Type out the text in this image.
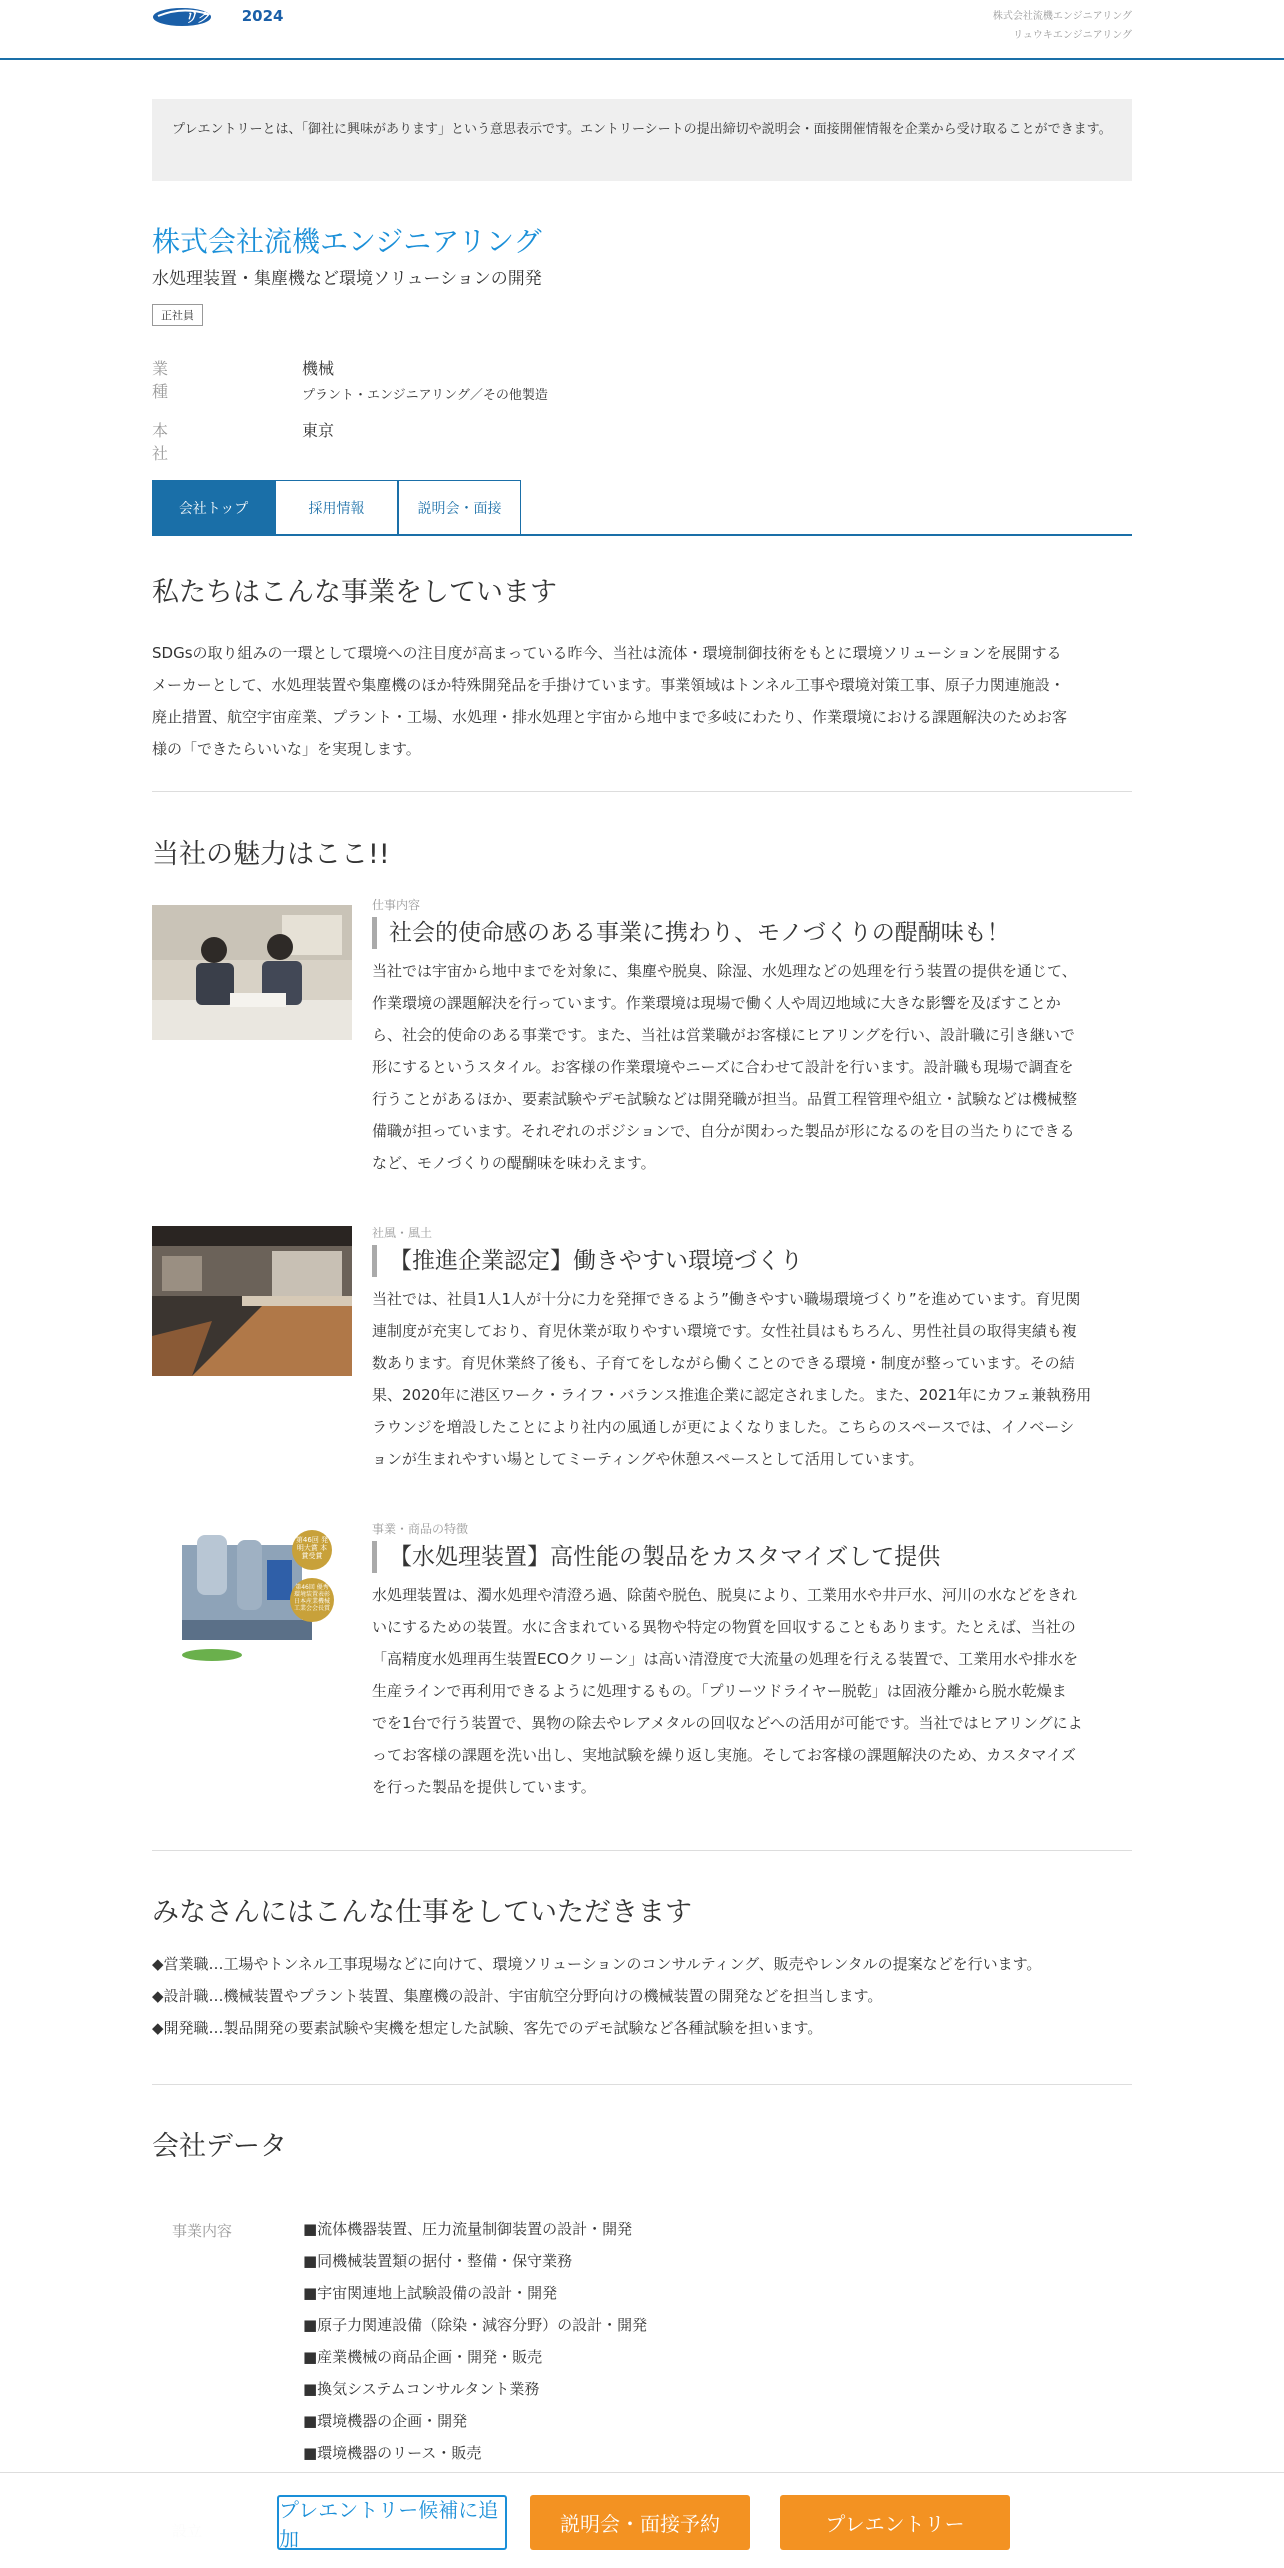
リクナビ 2024	株式会社流機エンジニアリング
リュウキエンジニアリング
プレエントリーとは、「御社に興味があります」という意思表示です。エントリーシートの提出締切や説明会・面接開催情報を企業から受け取ることができます。
株式会社流機エンジニアリング
水処理装置・集塵機など環境ソリューションの開発
正社員
業種
機械
プラント・エンジニアリング／その他製造
本社
東京
会社トップ	採用情報	説明会・面接
私たちはこんな事業をしています
SDGsの取り組みの一環として環境への注目度が高まっている昨今、当社は流体・環境制御技術をもとに環境ソリューションを展開する
メーカーとして、水処理装置や集塵機のほか特殊開発品を手掛けています。事業領域はトンネル工事や環境対策工事、原子力関連施設・
廃止措置、航空宇宙産業、プラント・工場、水処理・排水処理と宇宙から地中まで多岐にわたり、作業環境における課題解決のためお客
様の「できたらいいな」を実現します。
当社の魅力はここ!!
仕事内容
社会的使命感のある事業に携わり、モノづくりの醍醐味も！
当社では宇宙から地中までを対象に、集塵や脱臭、除湿、水処理などの処理を行う装置の提供を通じて、
作業環境の課題解決を行っています。作業環境は現場で働く人や周辺地域に大きな影響を及ぼすことか
ら、社会的使命のある事業です。また、当社は営業職がお客様にヒアリングを行い、設計職に引き継いで
形にするというスタイル。お客様の作業環境やニーズに合わせて設計を行います。設計職も現場で調査を
行うことがあるほか、要素試験やデモ試験などは開発職が担当。品質工程管理や組立・試験などは機械整
備職が担っています。それぞれのポジションで、自分が関わった製品が形になるのを目の当たりにできる
など、モノづくりの醍醐味を味わえます。
社風・風土
【推進企業認定】働きやすい環境づくり
当社では、社員1人1人が十分に力を発揮できるよう”働きやすい職場環境づくり”を進めています。育児関
連制度が充実しており、育児休業が取りやすい環境です。女性社員はもちろん、男性社員の取得実績も複
数あります。育児休業終了後も、子育てをしながら働くことのできる環境・制度が整っています。その結
果、2020年に港区ワーク・ライフ・バランス推進企業に認定されました。また、2021年にカフェ兼執務用
ラウンジを増設したことにより社内の風通しが更によくなりました。こちらのスペースでは、イノベーシ
ョンが生まれやすい場としてミーティングや休憩スペースとして活用しています。
第46回 発明大賞 本賞受賞
第46回 優秀 環境装置表彰 日本産業機械工業会会長賞
事業・商品の特徴
【水処理装置】高性能の製品をカスタマイズして提供
水処理装置は、濁水処理や清澄ろ過、除菌や脱色、脱臭により、工業用水や井戸水、河川の水などをきれ
いにするための装置。水に含まれている異物や特定の物質を回収することもあります。たとえば、当社の
「高精度水処理再生装置ECOクリーン」は高い清澄度で大流量の処理を行える装置で、工業用水や排水を
生産ラインで再利用できるように処理するもの。「プリーツドライヤー脱乾」は固液分離から脱水乾燥ま
でを1台で行う装置で、異物の除去やレアメタルの回収などへの活用が可能です。当社ではヒアリングによ
ってお客様の課題を洗い出し、実地試験を繰り返し実施。そしてお客様の課題解決のため、カスタマイズ
を行った製品を提供しています。
みなさんにはこんな仕事をしていただきます
◆営業職…工場やトンネル工事現場などに向けて、環境ソリューションのコンサルティング、販売やレンタルの提案などを行います。
◆設計職…機械装置やプラント装置、集塵機の設計、宇宙航空分野向けの機械装置の開発などを担当します。
◆開発職…製品開発の要素試験や実機を想定した試験、客先でのデモ試験など各種試験を担います。
会社データ
事業内容	■流体機器装置、圧力流量制御装置の設計・開発
■同機械装置類の据付・整備・保守業務
■宇宙関連地上試験設備の設計・開発
■原子力関連設備（除染・減容分野）の設計・開発
■産業機械の商品企画・開発・販売
■換気システムコンサルタント業務
■環境機器の企画・開発
■環境機器のリース・販売
プレエントリー候補に追加
説明会・面接予約	プレエントリー
